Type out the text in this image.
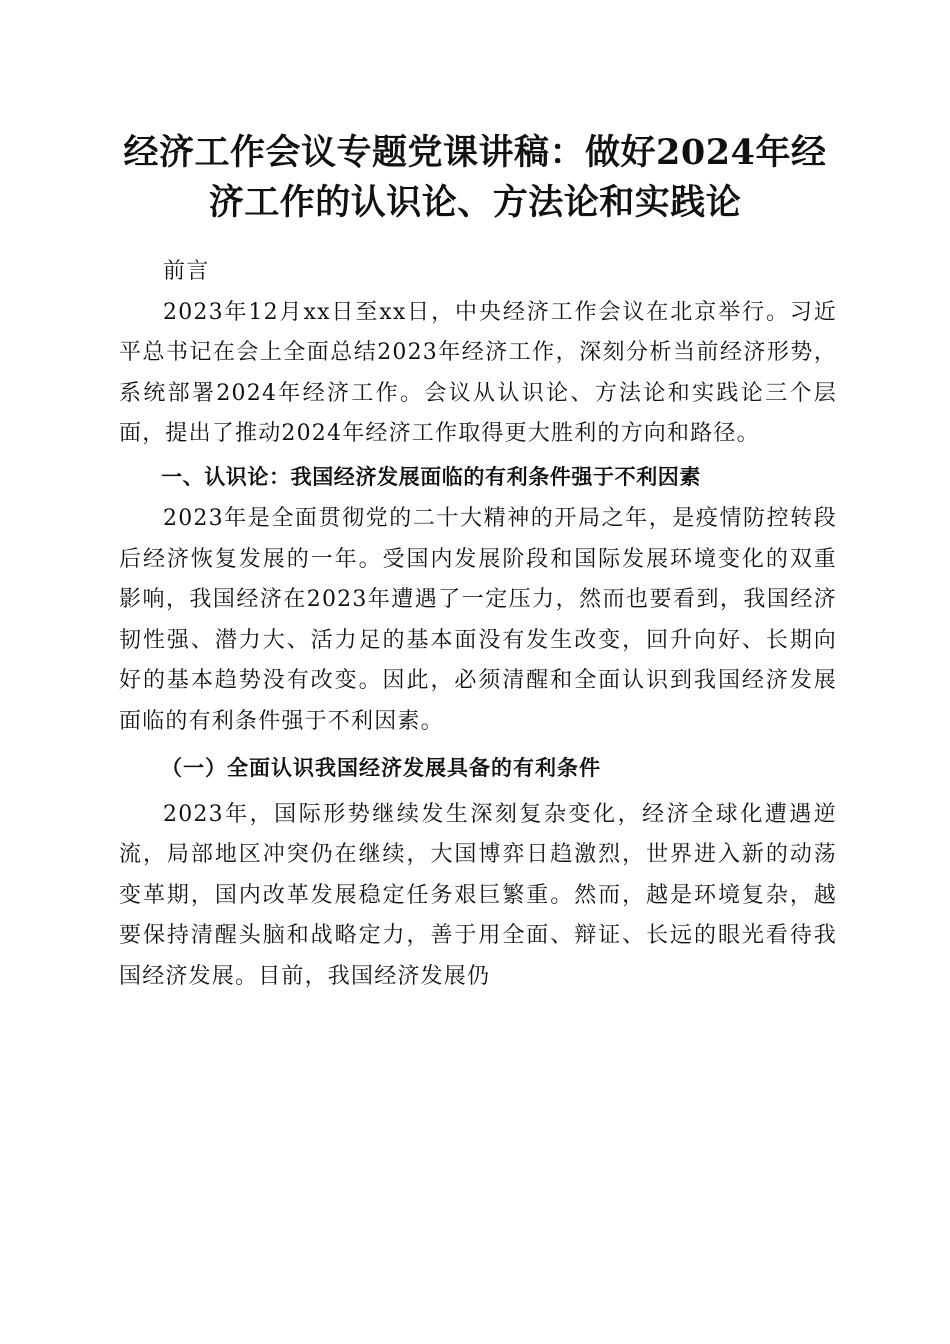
经济工作会议专题党课讲稿：做好2024年经
济工作的认识论、方法论和实践论

前言

2023年12月xx日至xx日，中央经济工作会议在北京举行。习近平总书记在会上全面总结2023年经济工作，深刻分析当前经济形势，系统部署2024年经济工作。会议从认识论、方法论和实践论三个层面，提出了推动2024年经济工作取得更大胜利的方向和路径。

一、认识论：我国经济发展面临的有利条件强于不利因素

2023年是全面贯彻党的二十大精神的开局之年，是疫情防控转段后经济恢复发展的一年。受国内发展阶段和国际发展环境变化的双重影响，我国经济在2023年遭遇了一定压力，然而也要看到，我国经济韧性强、潜力大、活力足的基本面没有发生改变，回升向好、长期向好的基本趋势没有改变。因此，必须清醒和全面认识到我国经济发展面临的有利条件强于不利因素。

（一）全面认识我国经济发展具备的有利条件

2023年，国际形势继续发生深刻复杂变化，经济全球化遭遇逆流，局部地区冲突仍在继续，大国博弈日趋激烈，世界进入新的动荡变革期，国内改革发展稳定任务艰巨繁重。然而，越是环境复杂，越要保持清醒头脑和战略定力，善于用全面、辩证、长远的眼光看待我国经济发展。目前，我国经济发展仍
